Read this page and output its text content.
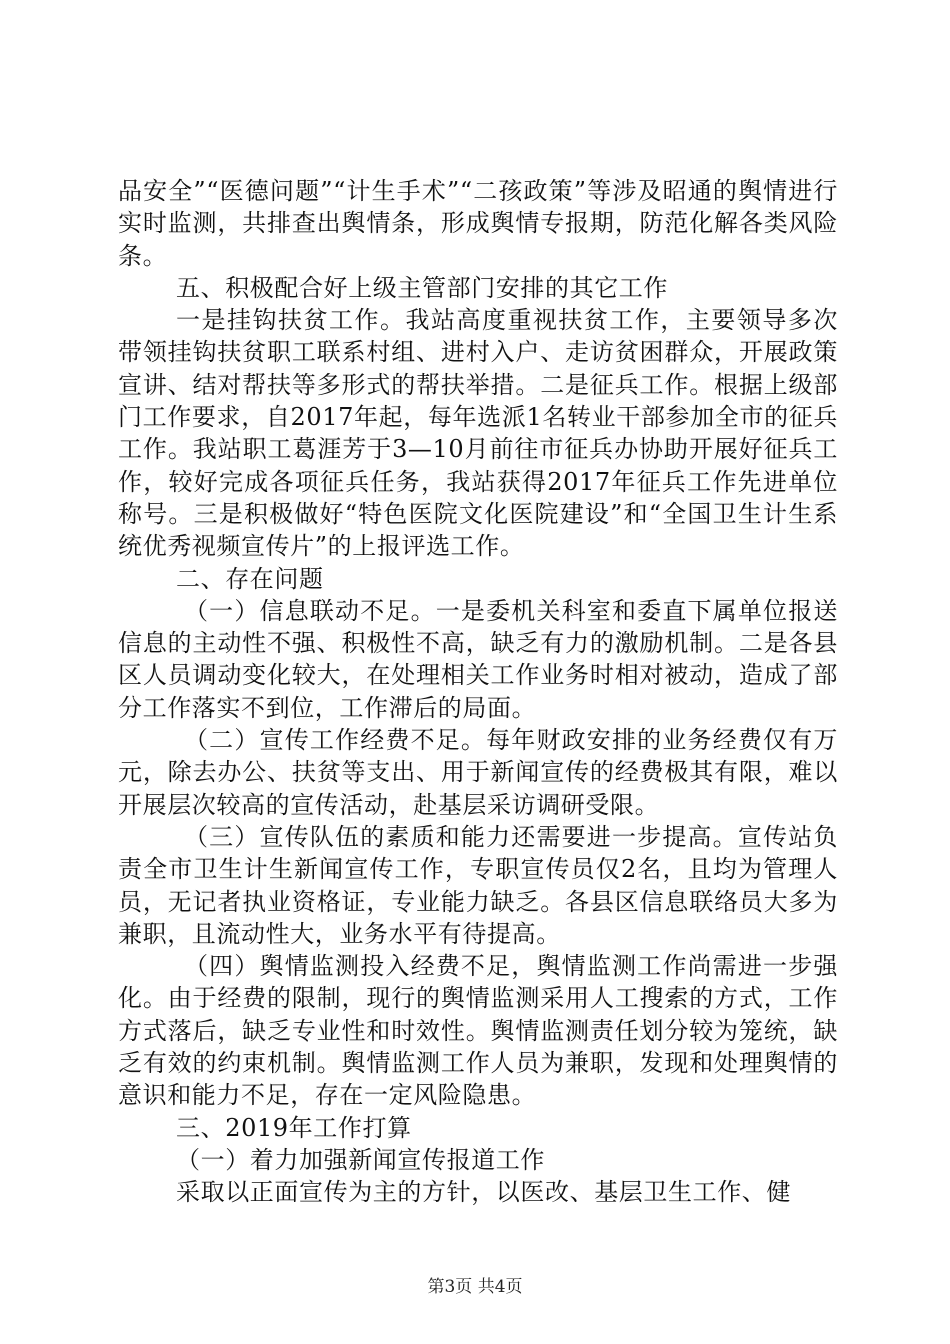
品安全”“医德问题”“计生手术”“二孩政策”等涉及昭通的舆情进行实时监测，共排查出舆情条，形成舆情专报期，防范化解各类风险条。

五、积极配合好上级主管部门安排的其它工作

一是挂钩扶贫工作。我站高度重视扶贫工作，主要领导多次带领挂钩扶贫职工联系村组、进村入户、走访贫困群众，开展政策宣讲、结对帮扶等多形式的帮扶举措。二是征兵工作。根据上级部门工作要求，自2017年起，每年选派1名转业干部参加全市的征兵工作。我站职工葛涯芳于3—10月前往市征兵办协助开展好征兵工作，较好完成各项征兵任务，我站获得2017年征兵工作先进单位称号。三是积极做好“特色医院文化医院建设”和“全国卫生计生系统优秀视频宣传片”的上报评选工作。

二、存在问题

（一）信息联动不足。一是委机关科室和委直下属单位报送信息的主动性不强、积极性不高，缺乏有力的激励机制。二是各县区人员调动变化较大，在处理相关工作业务时相对被动，造成了部分工作落实不到位，工作滞后的局面。

（二）宣传工作经费不足。每年财政安排的业务经费仅有万元，除去办公、扶贫等支出、用于新闻宣传的经费极其有限，难以开展层次较高的宣传活动，赴基层采访调研受限。

（三）宣传队伍的素质和能力还需要进一步提高。宣传站负责全市卫生计生新闻宣传工作，专职宣传员仅2名，且均为管理人员，无记者执业资格证，专业能力缺乏。各县区信息联络员大多为兼职，且流动性大，业务水平有待提高。

（四）舆情监测投入经费不足，舆情监测工作尚需进一步强化。由于经费的限制，现行的舆情监测采用人工搜索的方式，工作方式落后，缺乏专业性和时效性。舆情监测责任划分较为笼统，缺乏有效的约束机制。舆情监测工作人员为兼职，发现和处理舆情的意识和能力不足，存在一定风险隐患。

三、2019年工作打算

（一）着力加强新闻宣传报道工作

采取以正面宣传为主的方针，以医改、基层卫生工作、健

第3页 共4页
